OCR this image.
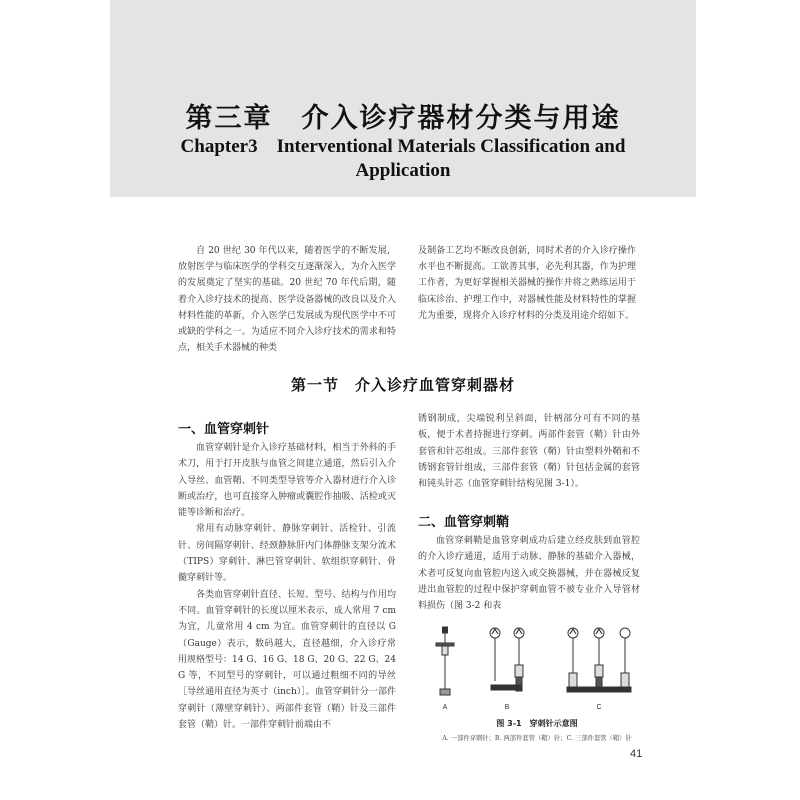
第三章　介入诊疗器材分类与用途
Chapter3　Interventional Materials Classification and Application
自 20 世纪 30 年代以来，随着医学的不断发展，放射医学与临床医学的学科交互逐渐深入，为介入医学的发展奠定了坚实的基础。20 世纪 70 年代后期，随着介入诊疗技术的提高、医学设备器械的改良以及介入材料性能的革新，介入医学已发展成为现代医学中不可或缺的学科之一。为适应不同介入诊疗技术的需求和特点，相关手术器械的种类
及制备工艺均不断改良创新，同时术者的介入诊疗操作水平也不断提高。工欲善其事，必先利其器，作为护理工作者，为更好掌握相关器械的操作并将之熟练运用于临床诊治、护理工作中，对器械性能及材料特性的掌握尤为重要，现将介入诊疗材料的分类及用途介绍如下。
第一节　介入诊疗血管穿刺器材
一、血管穿刺针

血管穿刺针是介入诊疗基础材料，相当于外科的手术刀，用于打开皮肤与血管之间建立通道，然后引入介入导丝、血管鞘、不同类型导管等介入器材进行介入诊断或治疗，也可直接穿入肿瘤或囊腔作抽吸、活检或灭能等诊断和治疗。

常用有动脉穿刺针、静脉穿刺针、活检针、引流针、房间隔穿刺针、经颈静脉肝内门体静脉支架分流术（TIPS）穿刺针、淋巴管穿刺针、软组织穿刺针、骨髓穿刺针等。

各类血管穿刺针直径、长短、型号、结构与作用均不同。血管穿刺针的长度以厘米表示，成人常用 7 cm 为宜，儿童常用 4 cm 为宜。血管穿刺针的直径以 G（Gauge）表示，数码越大，直径越细，介入诊疗常用规格型号：14 G、16 G、18 G、20 G、22 G、24 G 等，不同型号的穿刺针，可以通过粗细不同的导丝［导丝通用直径为英寸（inch）］。血管穿刺针分一部件穿刺针（薄壁穿刺针）、两部件套管（鞘）针及三部件套管（鞘）针。一部件穿刺针前端由不

锈钢制成，尖端锐利呈斜面，针柄部分可有不同的基板，便于术者持握进行穿刺。两部件套管（鞘）针由外套管和针芯组成。三部件套管（鞘）针由塑料外鞘和不锈钢套管针组成，三部件套管（鞘）针包括金属的套管和钝头针芯（血管穿刺针结构见图 3-1）。

二、血管穿刺鞘

血管穿刺鞘是血管穿刺成功后建立经皮肤到血管腔的介入诊疗通道，适用于动脉、静脉的基础介入器械，术者可反复向血管腔内送入或交换器械，并在器械反复进出血管腔的过程中保护穿刺血管不被专业介入导管材料损伤（图 3-2 和表

A	B	C
图 3-1　穿刺针示意图
A. 一部件穿刺针；B. 两部件套管（鞘）针；C. 三部件套管（鞘）针
41
